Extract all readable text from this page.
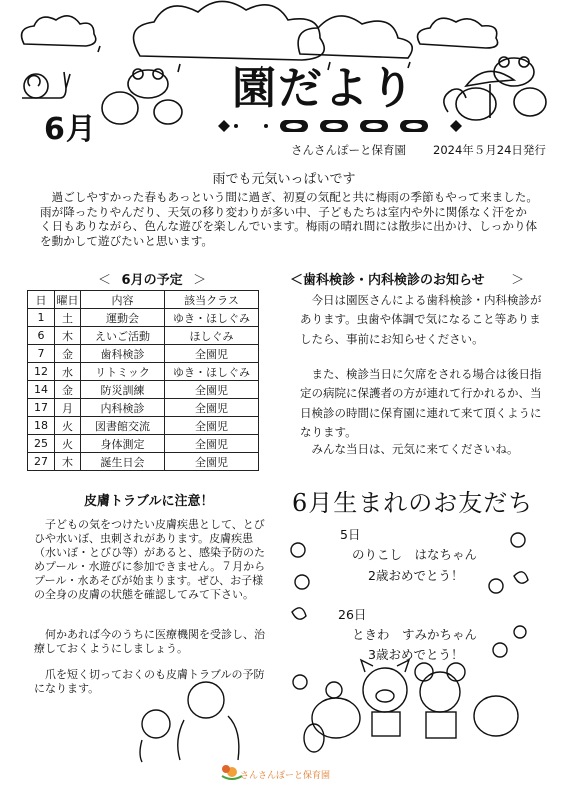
6月
園だより
さんさんぽーと保育園 2024年５月24日発行
雨でも元気いっぱいです
過ごしやすかった春もあっという間に過ぎ、初夏の気配と共に梅雨の季節もやって来ました。雨が降ったりやんだり、天気の移り変わりが多い中、子どもたちは室内や外に関係なく汗をかく日もありながら、色んな遊びを楽しんでいます。梅雨の晴れ間には散歩に出かけ、しっかり体を動かして遊びたいと思います。
＜ 6月の予定 ＞
日	曜日	内容	該当クラス
1	土	運動会	ゆき・ほしぐみ
6	木	えいご活動	ほしぐみ
7	金	歯科検診	全園児
12	水	リトミック	ゆき・ほしぐみ
14	金	防災訓練	全園児
17	月	内科検診	全園児
18	火	図書館交流	全園児
25	火	身体測定	全園児
27	木	誕生日会	全園児
＜歯科検診・内科検診のお知らせ ＞
今日は園医さんによる歯科検診・内科検診があります。虫歯や体調で気になること等ありましたら、事前にお知らせください。
また、検診当日に欠席をされる場合は後日指定の病院に保護者の方が連れて行かれるか、当日検診の時間に保育園に連れて来て頂くようになります。
みんな当日は、元気に来てくださいね。
皮膚トラブルに注意！
子どもの気をつけたい皮膚疾患として、とびひや水いぼ、虫刺されがあります。皮膚疾患（水いぼ・とびひ等）があると、感染予防のためプール・水遊びに参加できません。７月からプール・水あそびが始まります。ぜひ、お子様の全身の皮膚の状態を確認してみて下さい。
何かあれば今のうちに医療機関を受診し、治療しておくようにしましょう。
爪を短く切っておくのも皮膚トラブルの予防になります。
6月生まれのお友だち
5日
のりこし　はなちゃん
2歳おめでとう！
26日
ときわ　すみかちゃん
3歳おめでとう！
さんさんぽーと保育園
